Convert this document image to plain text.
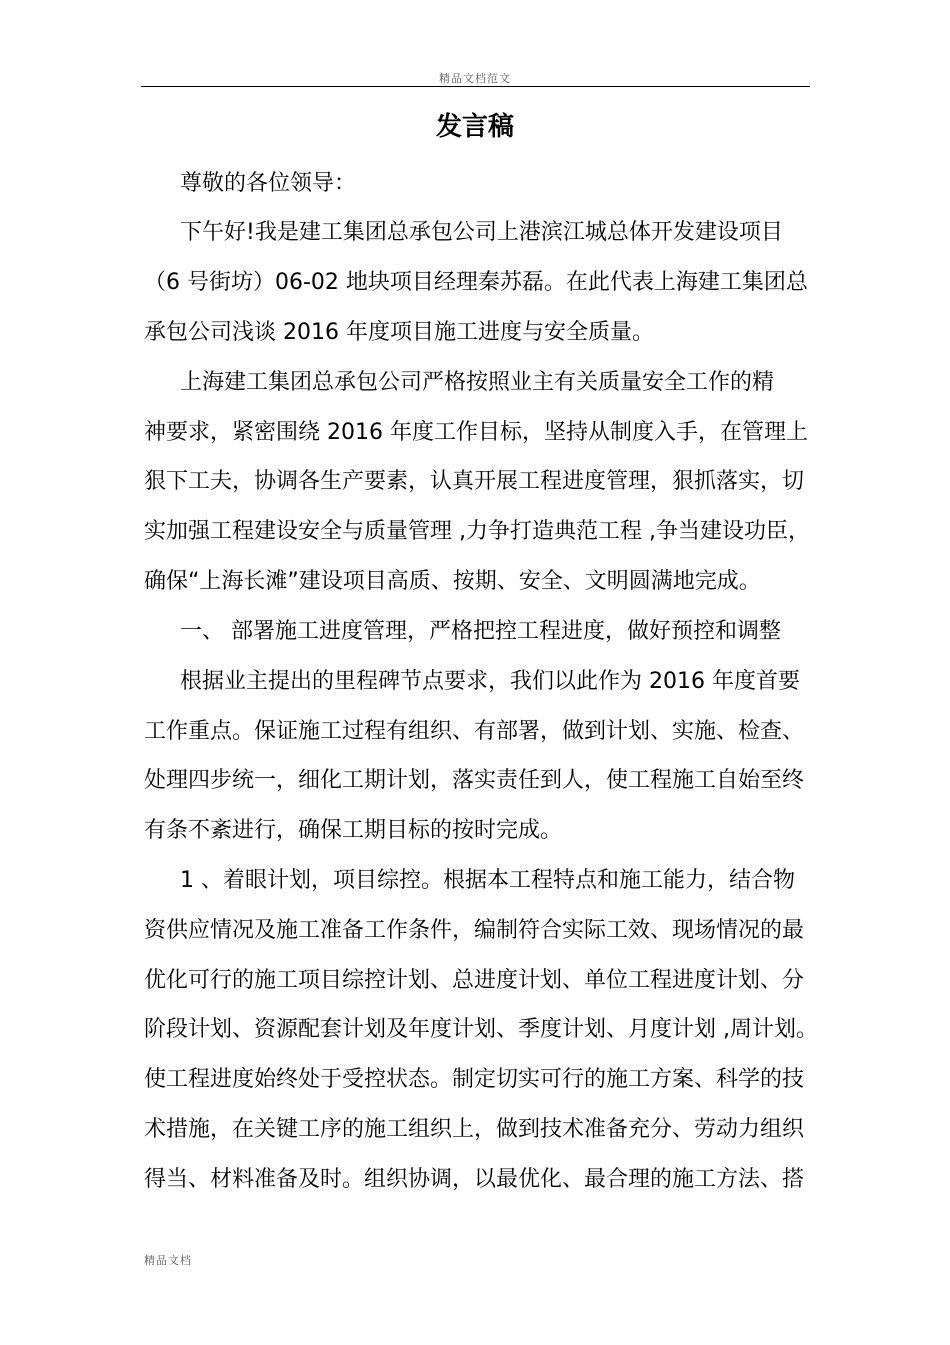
精品文档范文
发言稿
尊敬的各位领导：
下午好!我是建工集团总承包公司上港滨江城总体开发建设项目
（6 号街坊）06-02 地块项目经理秦苏磊。在此代表上海建工集团总
承包公司浅谈 2016 年度项目施工进度与安全质量。
上海建工集团总承包公司严格按照业主有关质量安全工作的精
神要求，紧密围绕 2016 年度工作目标，坚持从制度入手，在管理上
狠下工夫，协调各生产要素，认真开展工程进度管理，狠抓落实，切
实加强工程建设安全与质量管理 ,力争打造典范工程 ,争当建设功臣，
确保“上海长滩”建设项目高质、按期、安全、文明圆满地完成。
一、 部署施工进度管理，严格把控工程进度，做好预控和调整
根据业主提出的里程碑节点要求，我们以此作为 2016 年度首要
工作重点。保证施工过程有组织、有部署，做到计划、实施、检查、
处理四步统一，细化工期计划，落实责任到人，使工程施工自始至终
有条不紊进行，确保工期目标的按时完成。
1 、着眼计划，项目综控。根据本工程特点和施工能力，结合物
资供应情况及施工准备工作条件，编制符合实际工效、现场情况的最
优化可行的施工项目综控计划、总进度计划、单位工程进度计划、分
阶段计划、资源配套计划及年度计划、季度计划、月度计划 ,周计划。
使工程进度始终处于受控状态。制定切实可行的施工方案、科学的技
术措施，在关键工序的施工组织上，做到技术准备充分、劳动力组织
得当、材料准备及时。组织协调，以最优化、最合理的施工方法、搭
精品文档
